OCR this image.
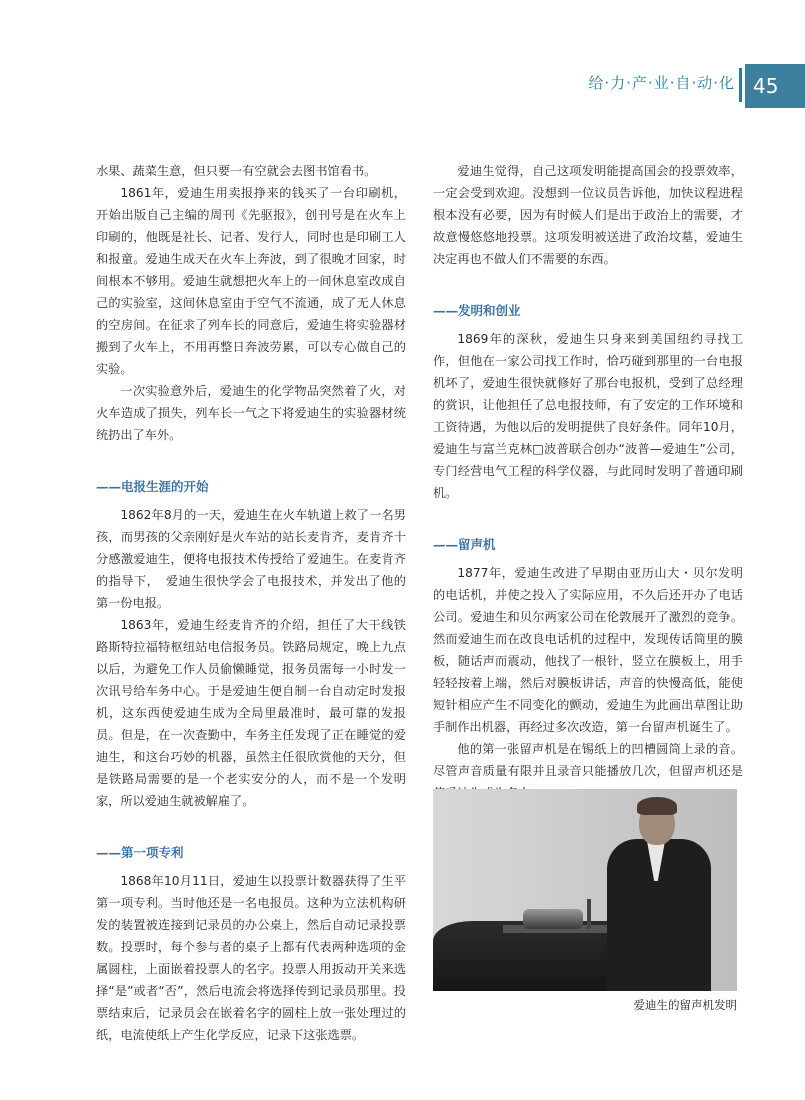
给·力·产·业·自·动·化 45

水果、蔬菜生意，但只要一有空就会去图书馆看书。

1861年，爱迪生用卖报挣来的钱买了一台印刷机，开始出版自己主编的周刊《先驱报》，创刊号是在火车上印刷的，他既是社长、记者、发行人，同时也是印刷工人和报童。爱迪生成天在火车上奔波，到了很晚才回家，时间根本不够用。爱迪生就想把火车上的一间休息室改成自己的实验室，这间休息室由于空气不流通，成了无人休息的空房间。在征求了列车长的同意后，爱迪生将实验器材搬到了火车上，不用再整日奔波劳累，可以专心做自己的实验。

一次实验意外后，爱迪生的化学物品突然着了火，对火车造成了损失，列车长一气之下将爱迪生的实验器材统统扔出了车外。

——电报生涯的开始

1862年8月的一天，爱迪生在火车轨道上救了一名男孩，而男孩的父亲刚好是火车站的站长麦肯齐，麦肯齐十分感激爱迪生，便将电报技术传授给了爱迪生。在麦肯齐的指导下，　爱迪生很快学会了电报技术，并发出了他的第一份电报。

1863年，爱迪生经麦肯齐的介绍，担任了大干线铁路斯特拉福特枢纽站电信报务员。铁路局规定，晚上九点以后，为避免工作人员偷懒睡觉，报务员需每一小时发一次讯号给车务中心。于是爱迪生便自制一台自动定时发报机，这东西使爱迪生成为全局里最准时，最可靠的发报员。但是，在一次查勤中，车务主任发现了正在睡觉的爱迪生，和这台巧妙的机器，虽然主任很欣赏他的天分，但是铁路局需要的是一个老实安分的人，而不是一个发明家，所以爱迪生就被解雇了。

——第一项专利

1868年10月11日，爱迪生以投票计数器获得了生平第一项专利。当时他还是一名电报员。这种为立法机构研发的装置被连接到记录员的办公桌上，然后自动记录投票数。投票时，每个参与者的桌子上都有代表两种选项的金属圆柱，上面嵌着投票人的名字。投票人用扳动开关来选择“是”或者“否”，然后电流会将选择传到记录员那里。投票结束后，记录员会在嵌着名字的圆柱上放一张处理过的纸，电流使纸上产生化学反应，记录下这张选票。

爱迪生觉得，自己这项发明能提高国会的投票效率，一定会受到欢迎。没想到一位议员告诉他，加快议程进程根本没有必要，因为有时候人们是出于政治上的需要，才故意慢悠悠地投票。这项发明被送进了政治坟墓，爱迪生决定再也不做人们不需要的东西。

——发明和创业

1869年的深秋，爱迪生只身来到美国纽约寻找工作，但他在一家公司找工作时，恰巧碰到那里的一台电报机坏了，爱迪生很快就修好了那台电报机，受到了总经理的赏识，让他担任了总电报技师，有了安定的工作环境和工资待遇，为他以后的发明提供了良好条件。同年10月，爱迪生与富兰克林□波普联合创办“波普—爱迪生”公司，专门经营电气工程的科学仪器，与此同时发明了普通印刷机。

——留声机

1877年，爱迪生改进了早期由亚历山大・贝尔发明的电话机，并使之投入了实际应用，不久后还开办了电话公司。爱迪生和贝尔两家公司在伦敦展开了激烈的竞争。然而爱迪生而在改良电话机的过程中，发现传话筒里的膜板，随话声而震动，他找了一根针，竖立在膜板上，用手轻轻按着上端，然后对膜板讲话，声音的快慢高低，能使短针相应产生不同变化的颤动，爱迪生为此画出草图让助手制作出机器，再经过多次改造，第一台留声机诞生了。

他的第一张留声机是在锡纸上的凹槽圆筒上录的音。尽管声音质量有限并且录音只能播放几次，但留声机还是

爱迪生的留声机发明
